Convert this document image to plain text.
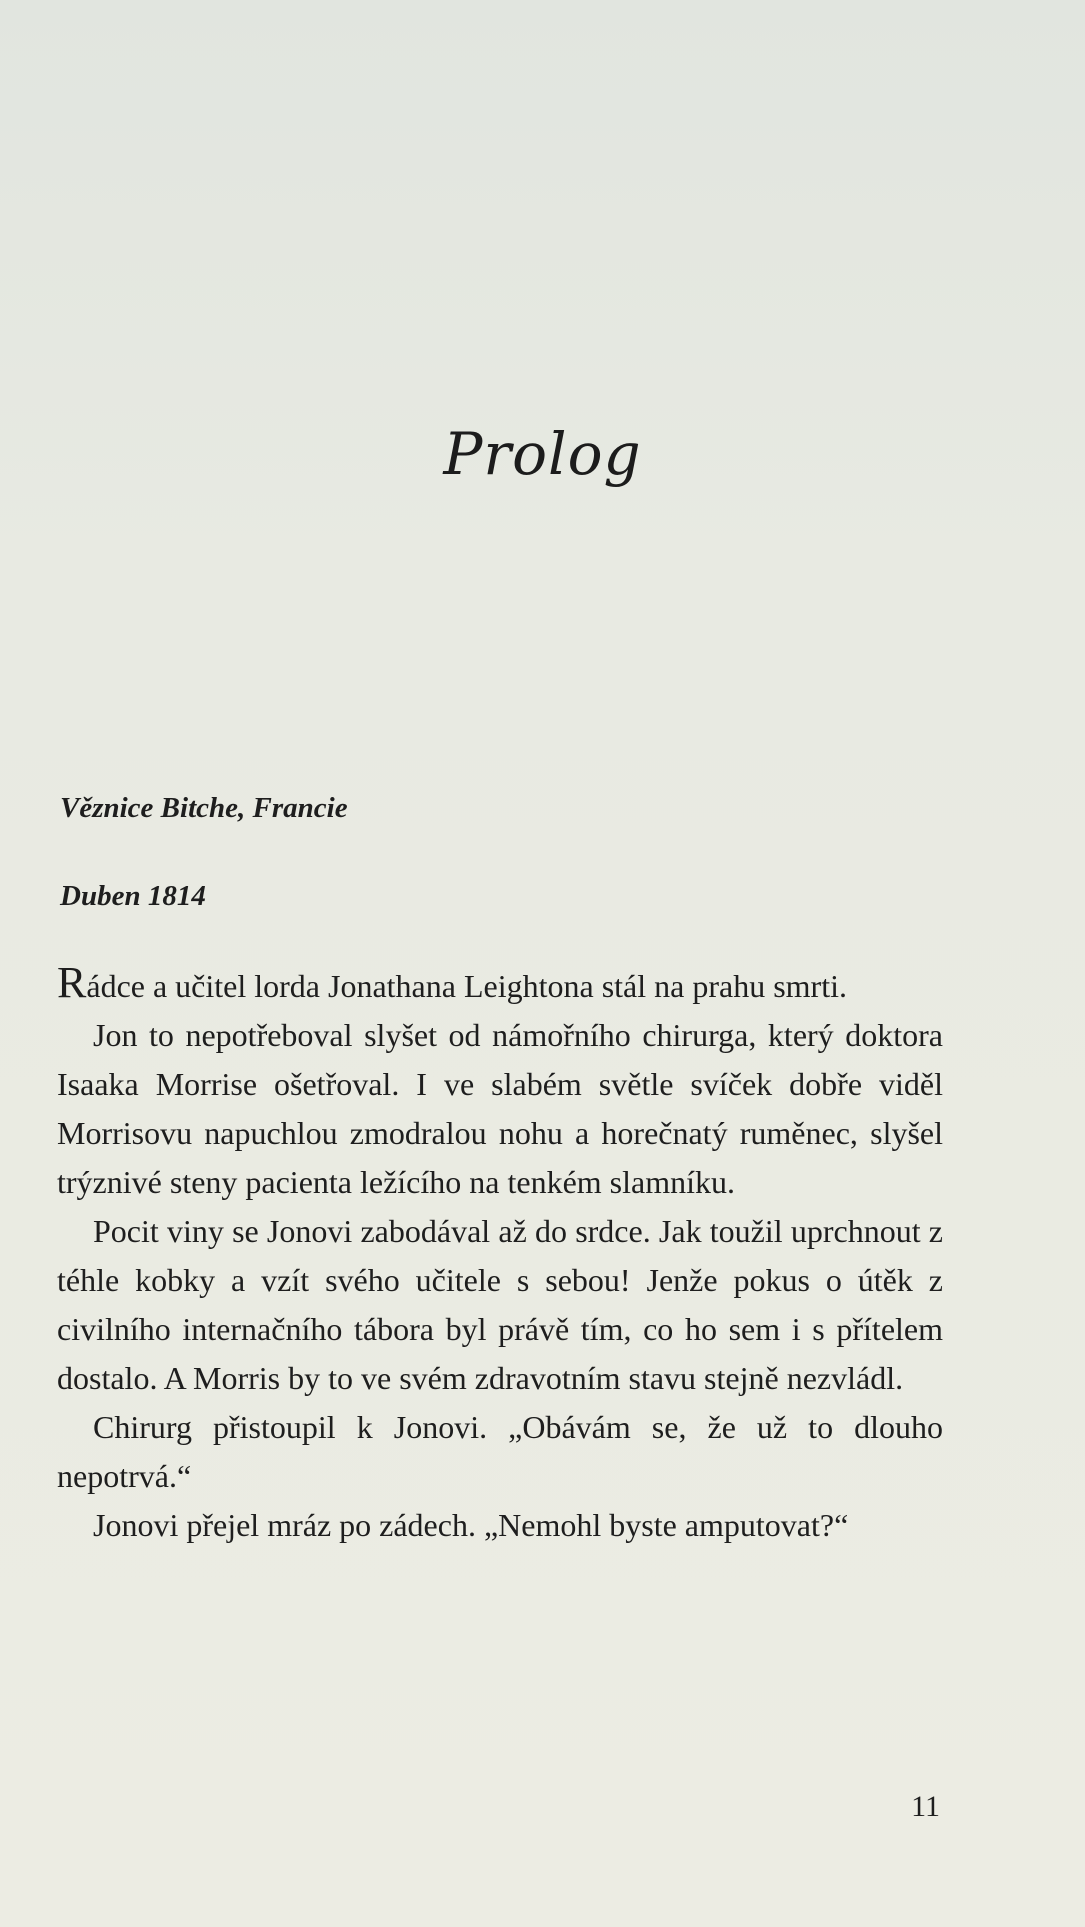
Prolog
Věznice Bitche, Francie
Duben 1814

Rádce a učitel lorda Jonathana Leightona stál na prahu smrti.

Jon to nepotřeboval slyšet od námořního chirurga, který doktora Isaaka Morrise ošetřoval. I ve slabém světle svíček dobře viděl Morrisovu napuchlou zmodralou nohu a horečnatý ruměnec, slyšel trýznivé steny pacienta ležícího na tenkém slamníku.

Pocit viny se Jonovi zabodával až do srdce. Jak toužil uprchnout z téhle kobky a vzít svého učitele s sebou! Jenže pokus o útěk z civilního internačního tábora byl právě tím, co ho sem i s přítelem dostalo. A Morris by to ve svém zdravotním stavu stejně nezvládl.

Chirurg přistoupil k Jonovi. „Obávám se, že už to dlouho nepotrvá.“

Jonovi přejel mráz po zádech. „Nemohl byste amputovat?“

11
